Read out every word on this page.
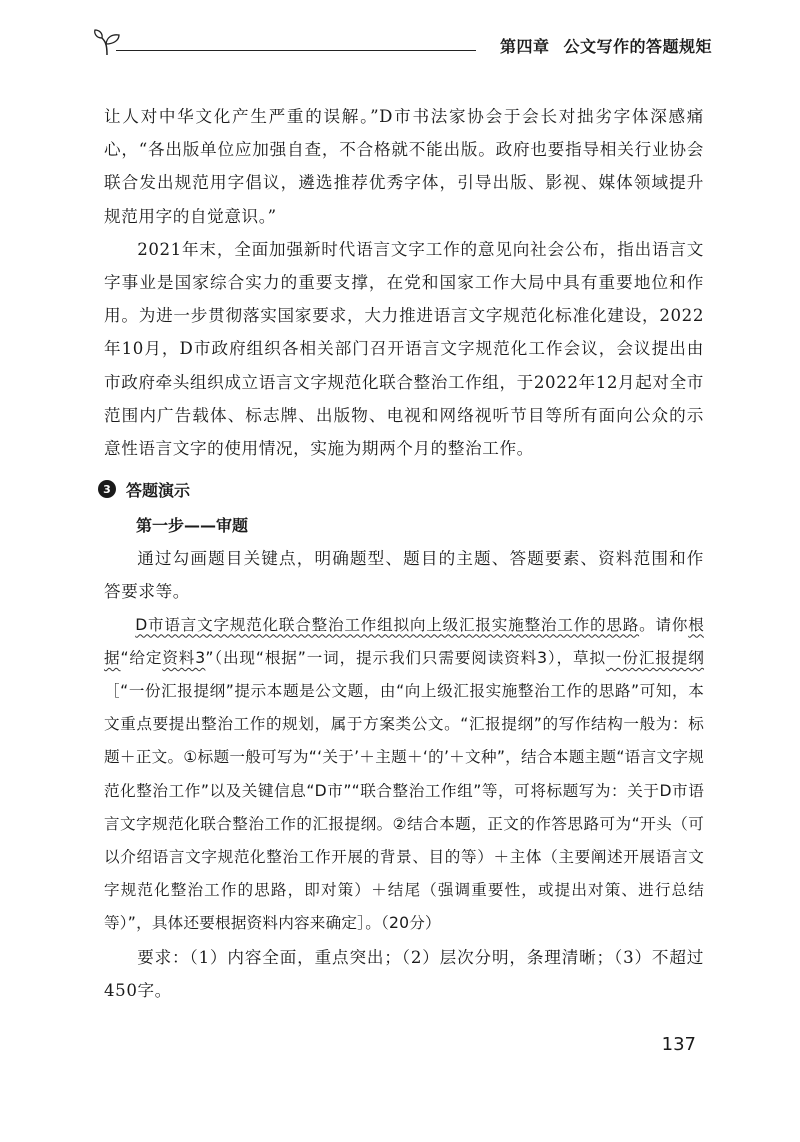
第四章 公文写作的答题规矩

让人对中华文化产生严重的误解。”D市书法家协会于会长对拙劣字体深感痛心，“各出版单位应加强自查，不合格就不能出版。政府也要指导相关行业协会联合发出规范用字倡议，遴选推荐优秀字体，引导出版、影视、媒体领域提升规范用字的自觉意识。”

2021年末，全面加强新时代语言文字工作的意见向社会公布，指出语言文字事业是国家综合实力的重要支撑，在党和国家工作大局中具有重要地位和作用。为进一步贯彻落实国家要求，大力推进语言文字规范化标准化建设，2022年10月，D市政府组织各相关部门召开语言文字规范化工作会议，会议提出由市政府牵头组织成立语言文字规范化联合整治工作组，于2022年12月起对全市范围内广告载体、标志牌、出版物、电视和网络视听节目等所有面向公众的示意性语言文字的使用情况，实施为期两个月的整治工作。

3 答题演示

第一步——审题

通过勾画题目关键点，明确题型、题目的主题、答题要素、资料范围和作答要求等。

D市语言文字规范化联合整治工作组拟向上级汇报实施整治工作的思路。请你根据“给定资料3”（出现“根据”一词，提示我们只需要阅读资料3），草拟一份汇报提纲［“一份汇报提纲”提示本题是公文题，由“向上级汇报实施整治工作的思路”可知，本文重点要提出整治工作的规划，属于方案类公文。“汇报提纲”的写作结构一般为：标题＋正文。①标题一般可写为“‘关于’＋主题＋‘的’＋文种”，结合本题主题“语言文字规范化整治工作”以及关键信息“D市”“联合整治工作组”等，可将标题写为：关于D市语言文字规范化联合整治工作的汇报提纲。②结合本题，正文的作答思路可为“开头（可以介绍语言文字规范化整治工作开展的背景、目的等）＋主体（主要阐述开展语言文字规范化整治工作的思路，即对策）＋结尾（强调重要性，或提出对策、进行总结等）”，具体还要根据资料内容来确定］。（20分）

要求：（1）内容全面，重点突出；（2）层次分明，条理清晰；（3）不超过450字。

137
